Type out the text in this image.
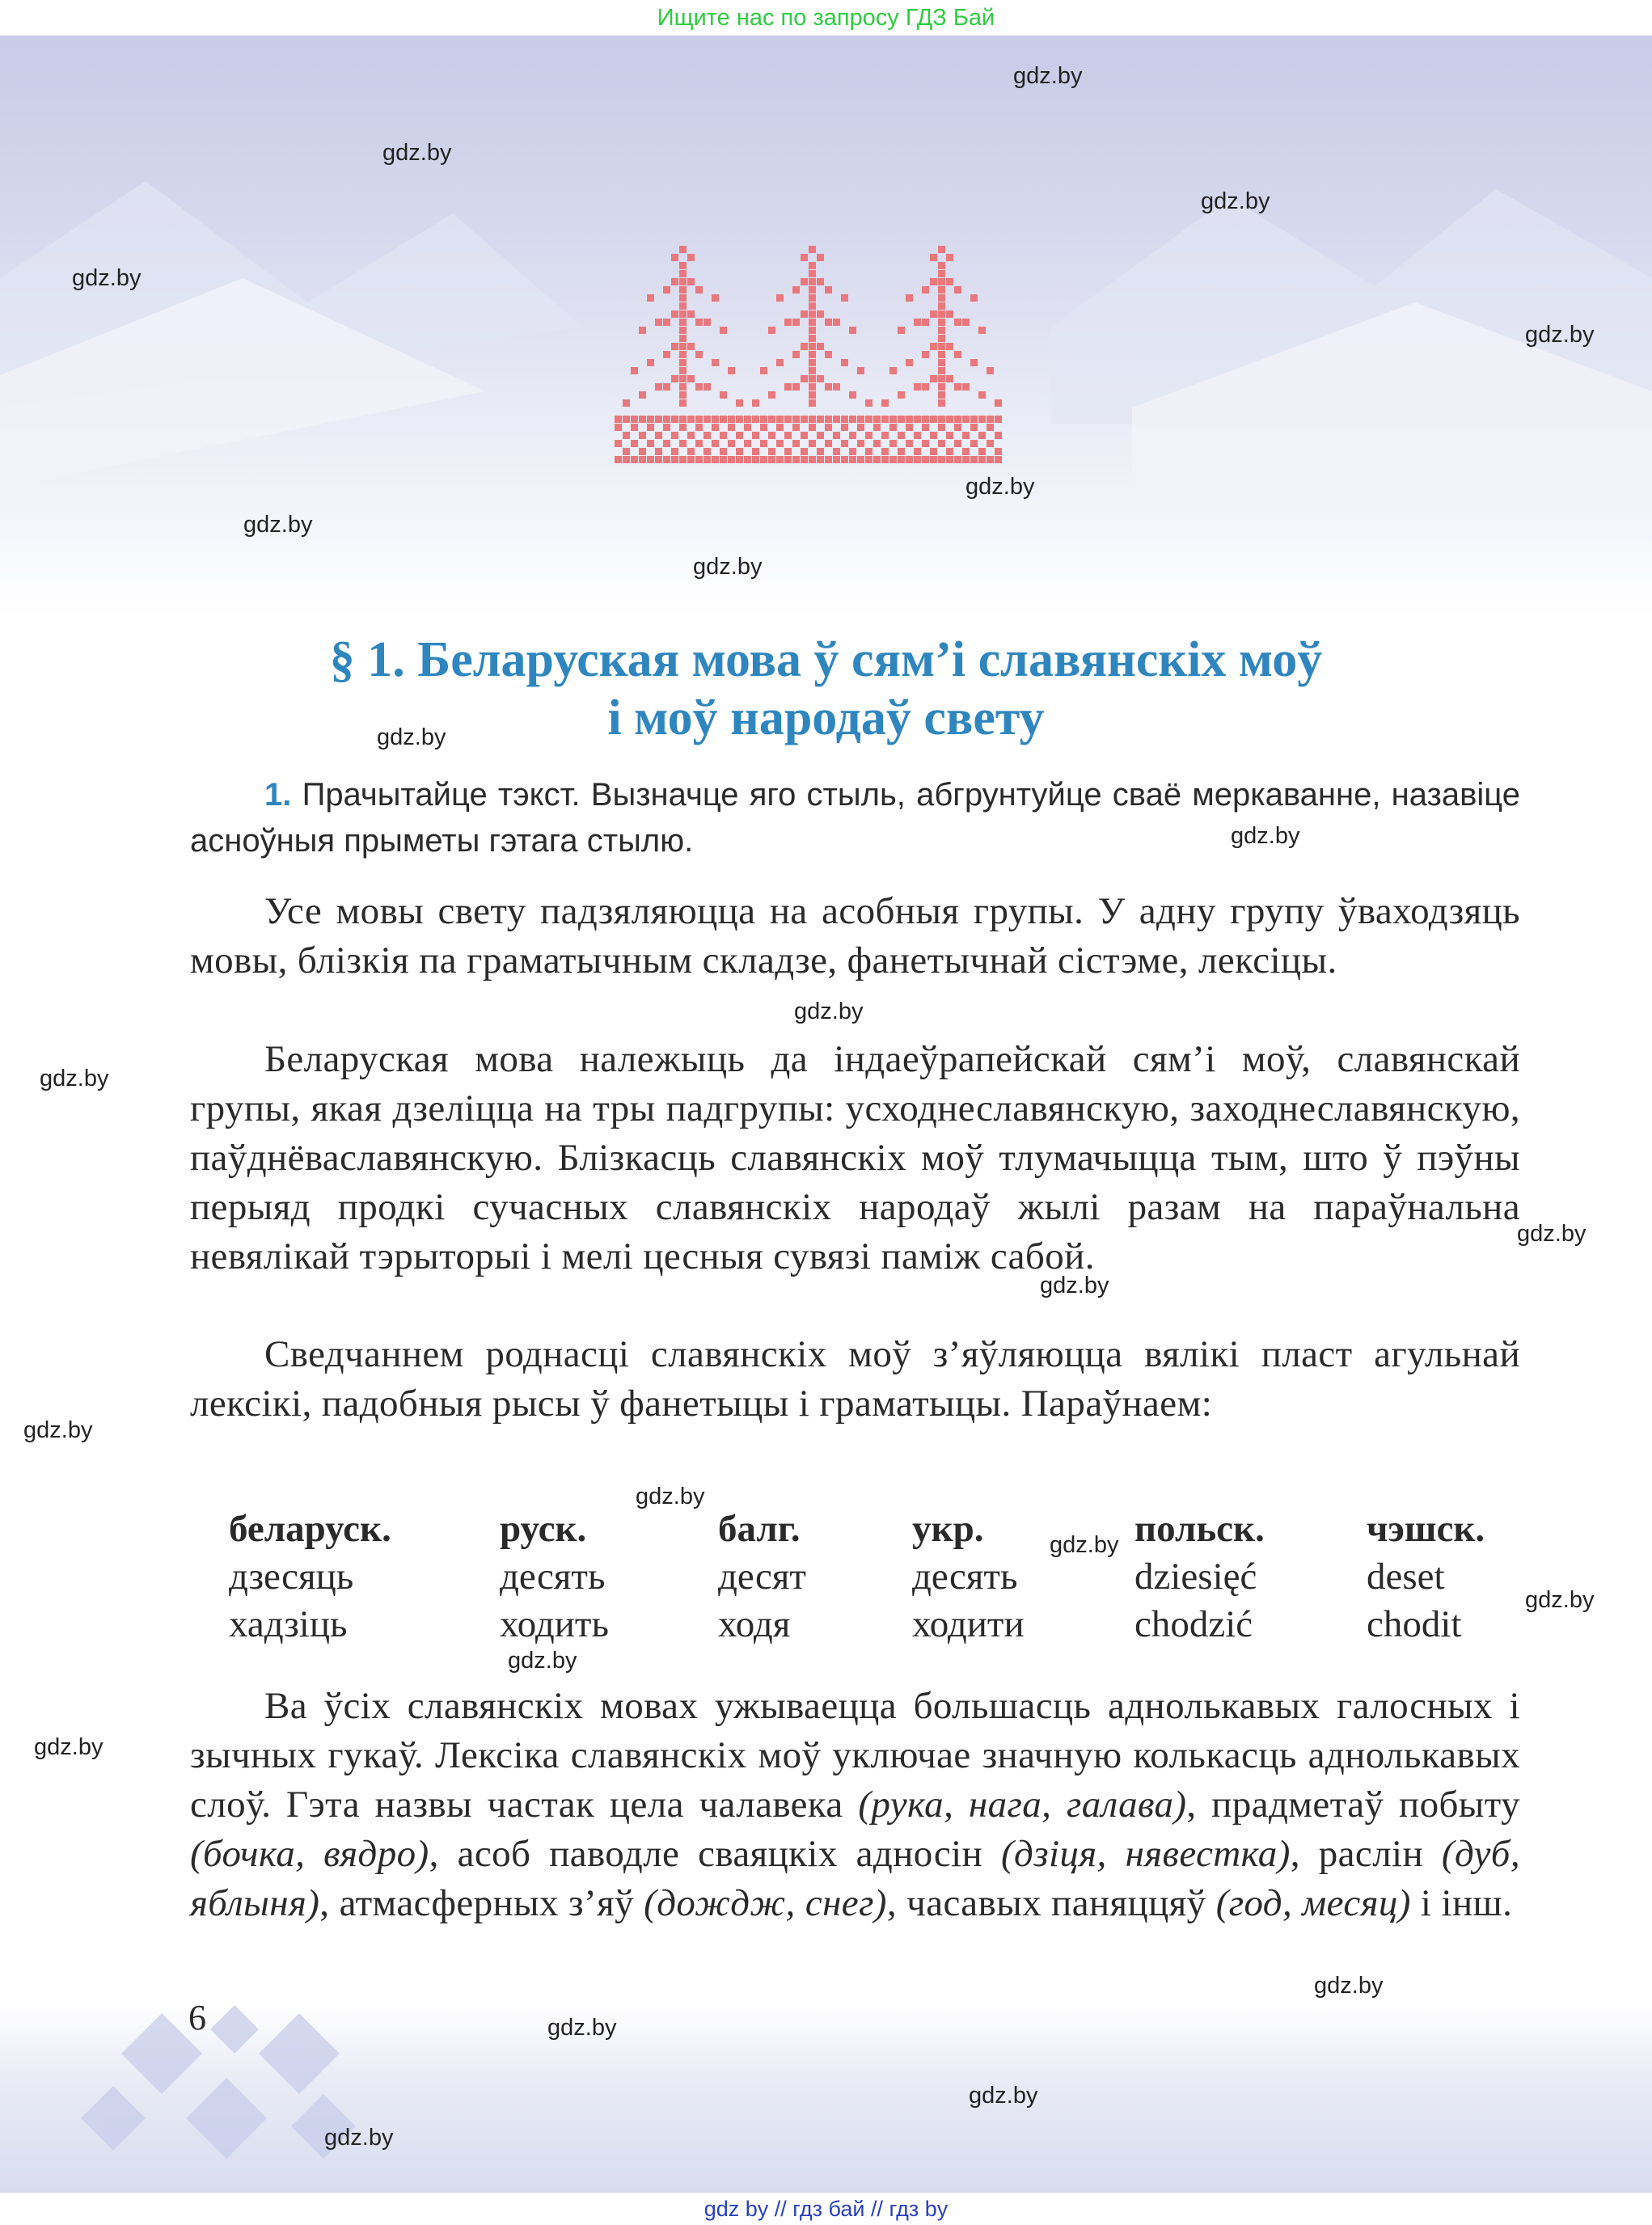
Ищите нас по запросу ГДЗ Бай
gdz.by
gdz.by
gdz.by
gdz.by
gdz.by
gdz.by
gdz.by
gdz.by
§ 1. Беларуская мова ў сям’і славянскіх моў
і моў народаў свету
gdz.by
1. Прачытайце тэкст. Вызначце яго стыль, абгрунтуйце сваё меркаванне, назавіце асноўныя прыметы гэтага стылю.	gdz.by
Усе мовы свету падзяляюцца на асобныя групы. У адну групу ўваходзяць мовы, блізкія па граматычным складзе, фанетычнай сістэме, лексіцы.
gdz.by
Беларуская мова належыць да індаеўрапейскай сям’і моў, славянскай групы, якая дзеліцца на тры падгрупы: усходнеславянскую, заходнеславянскую, паўднёваславянскую. Блізкасць славянскіх моў тлумачыцца тым, што ў пэўны перыяд продкі сучасных славянскіх народаў жылі разам на параўнальна невялікай тэрыторыі і мелі цесныя сувязі паміж сабой.
gdz.by
gdz.by
gdz.by
Сведчаннем роднасці славянскіх моў з’яўляюцца вялікі пласт агульнай лексікі, падобныя рысы ў фанетыцы і граматыцы. Параўнаем:
gdz.by
gdz.by
беларуск.	руск.	балг.	укр.	польск.	чэшск.
дзесяць	десять	десят	десять	dziesięć	deset
хадзіць	ходить	ходя	ходити	chodzić	chodit
gdz.by
gdz.by
gdz.by
Ва ўсіх славянскіх мовах ужываецца большасць аднолькавых галосных і зычных гукаў. Лексіка славянскіх моў уключае значную колькасць аднолькавых слоў. Гэта назвы частак цела чалавека (рука, нага, галава), прадметаў побыту (бочка, вядро), асоб паводле сваяцкіх адносін (дзіця, нявестка), раслін (дуб, яблыня), атмасферных з’яў (дождж, снег), часавых паняццяў (год, месяц) і інш.
gdz.by
6
gdz.by
gdz.by
gdz.by
gdz.by
gdz by // гдз бай // гдз by
